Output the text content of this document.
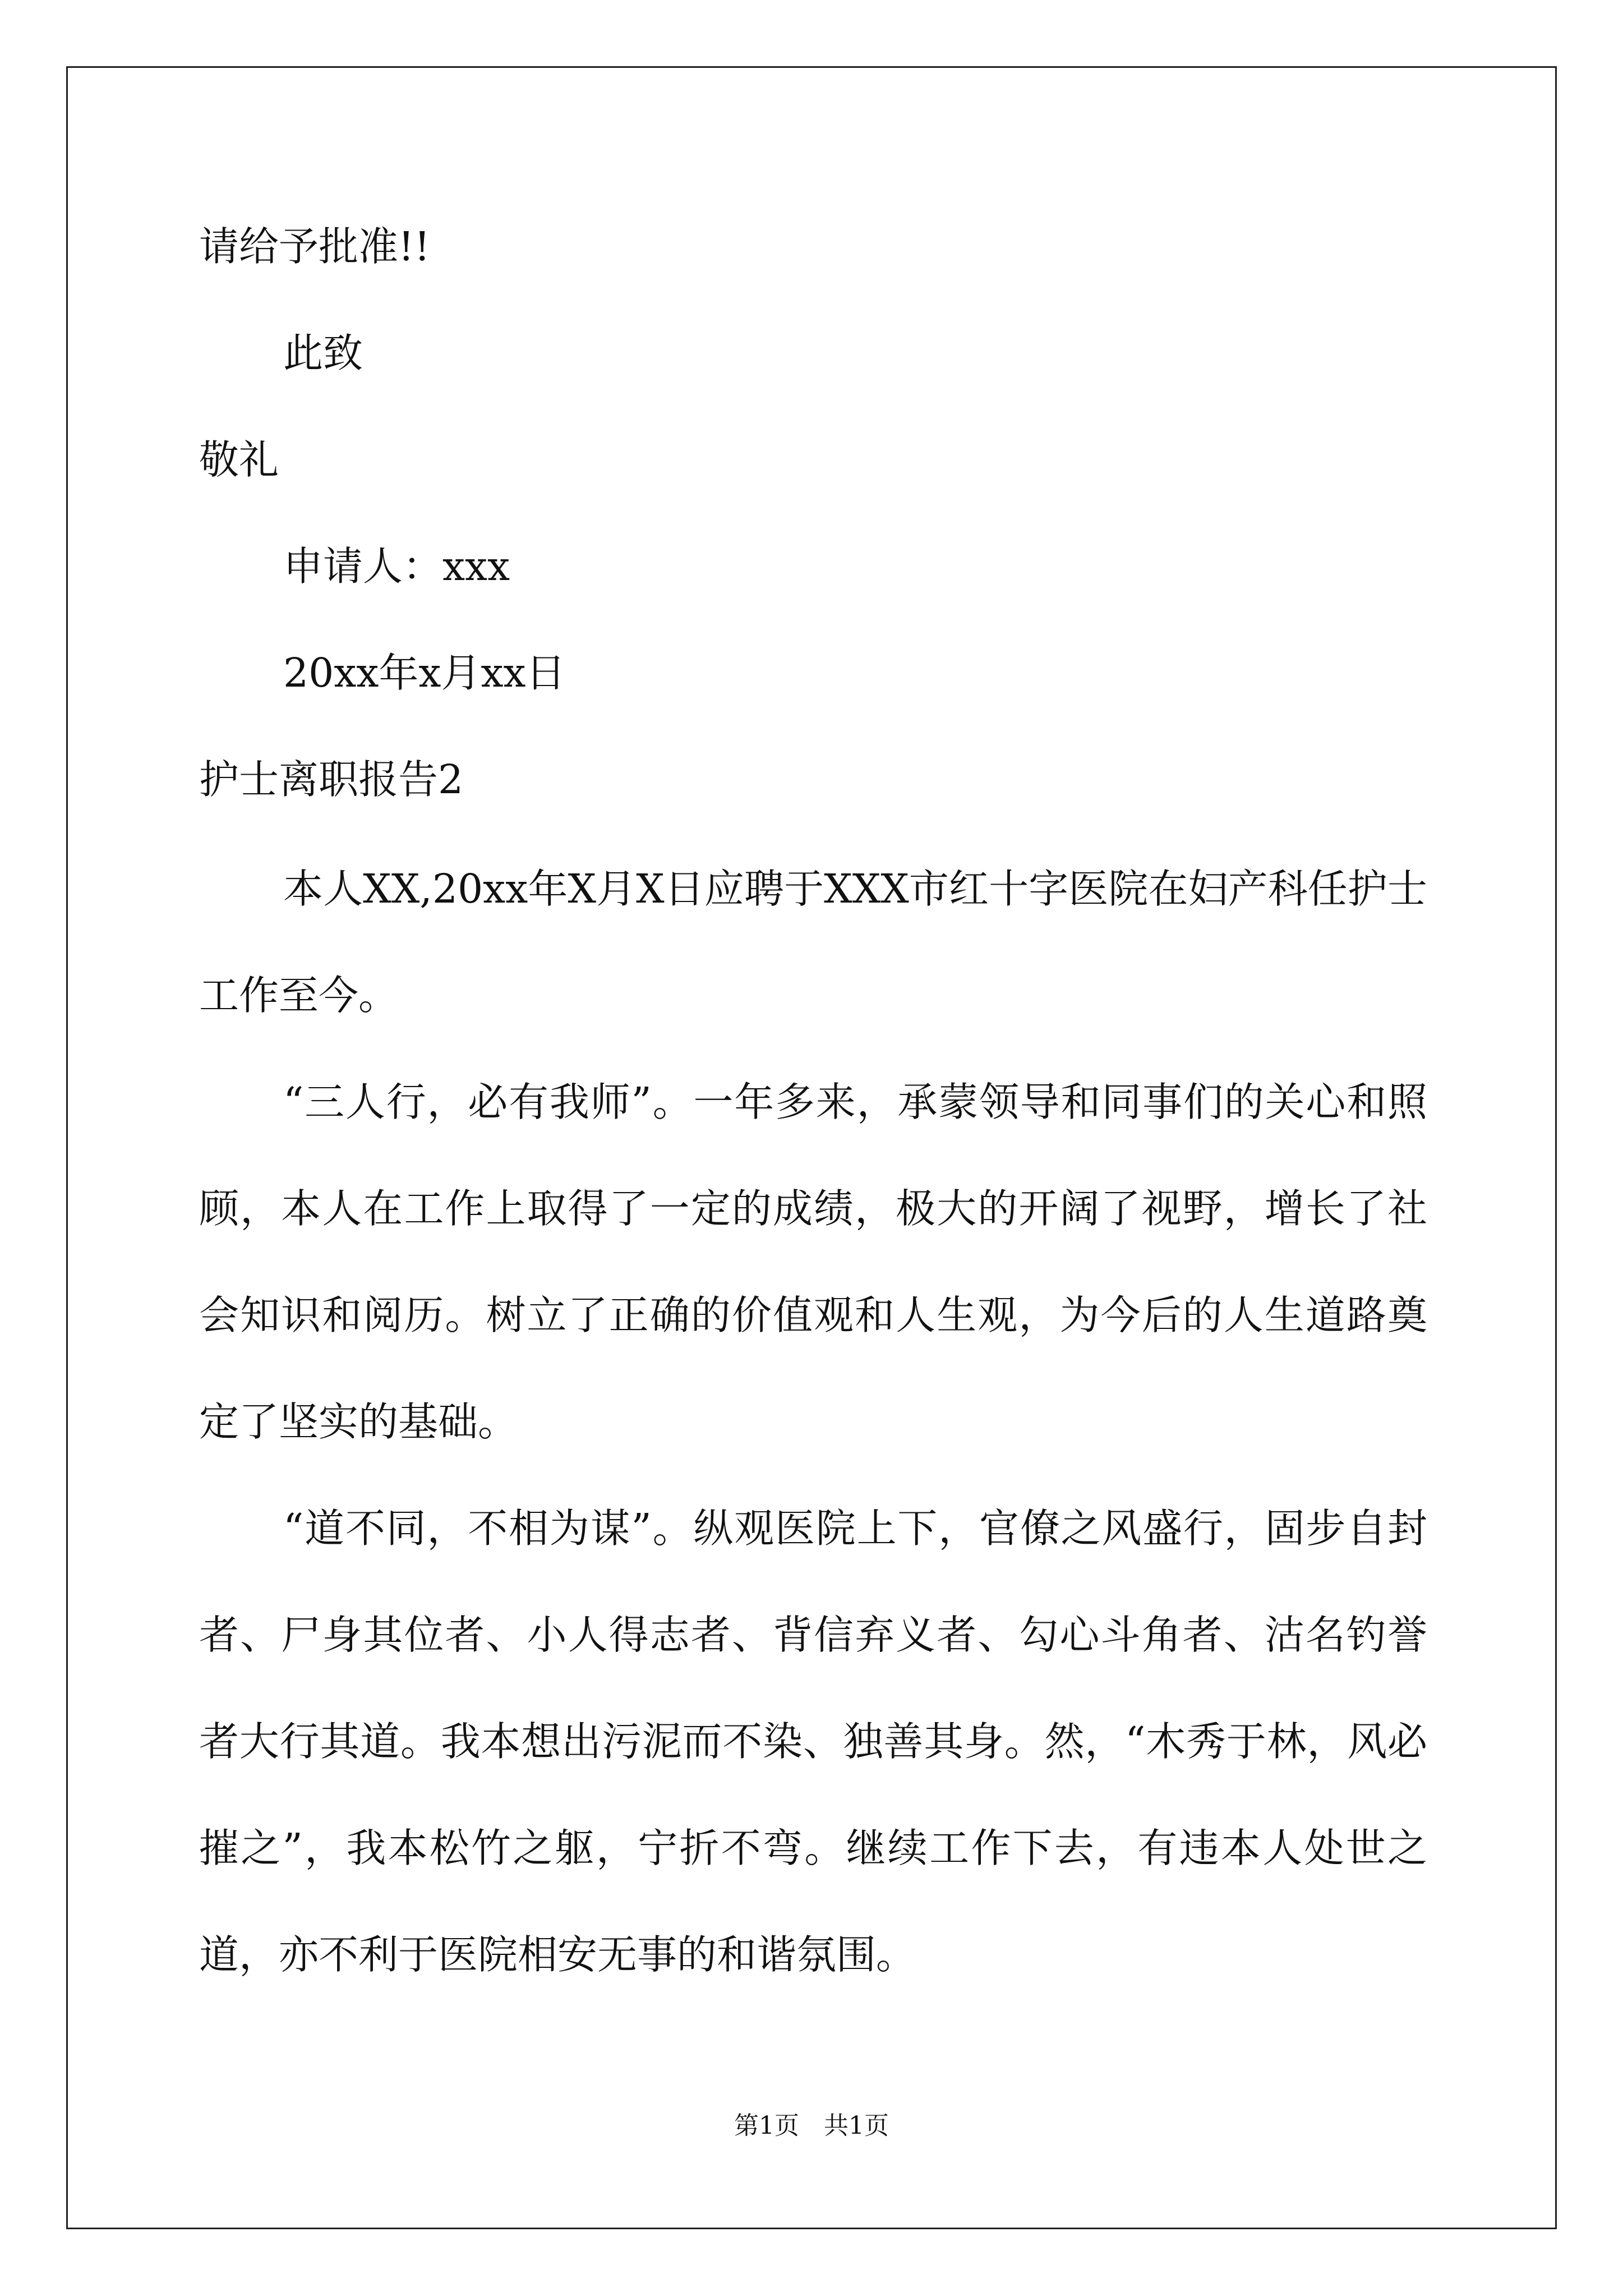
请给予批准!!

此致

敬礼

申请人：xxx

20xx年x月xx日

护士离职报告2

本人XX,20xx年X月X日应聘于XXX市红十字医院在妇产科任护士工作至今。

“三人行，必有我师”。一年多来，承蒙领导和同事们的关心和照顾，本人在工作上取得了一定的成绩，极大的开阔了视野，增长了社会知识和阅历。树立了正确的价值观和人生观，为今后的人生道路奠定了坚实的基础。

“道不同，不相为谋”。纵观医院上下，官僚之风盛行，固步自封者、尸身其位者、小人得志者、背信弃义者、勾心斗角者、沽名钓誉者大行其道。我本想出污泥而不染、独善其身。然，“木秀于林，风必摧之”，我本松竹之躯，宁折不弯。继续工作下去，有违本人处世之道，亦不利于医院相安无事的和谐氛围。

第1页　共1页
